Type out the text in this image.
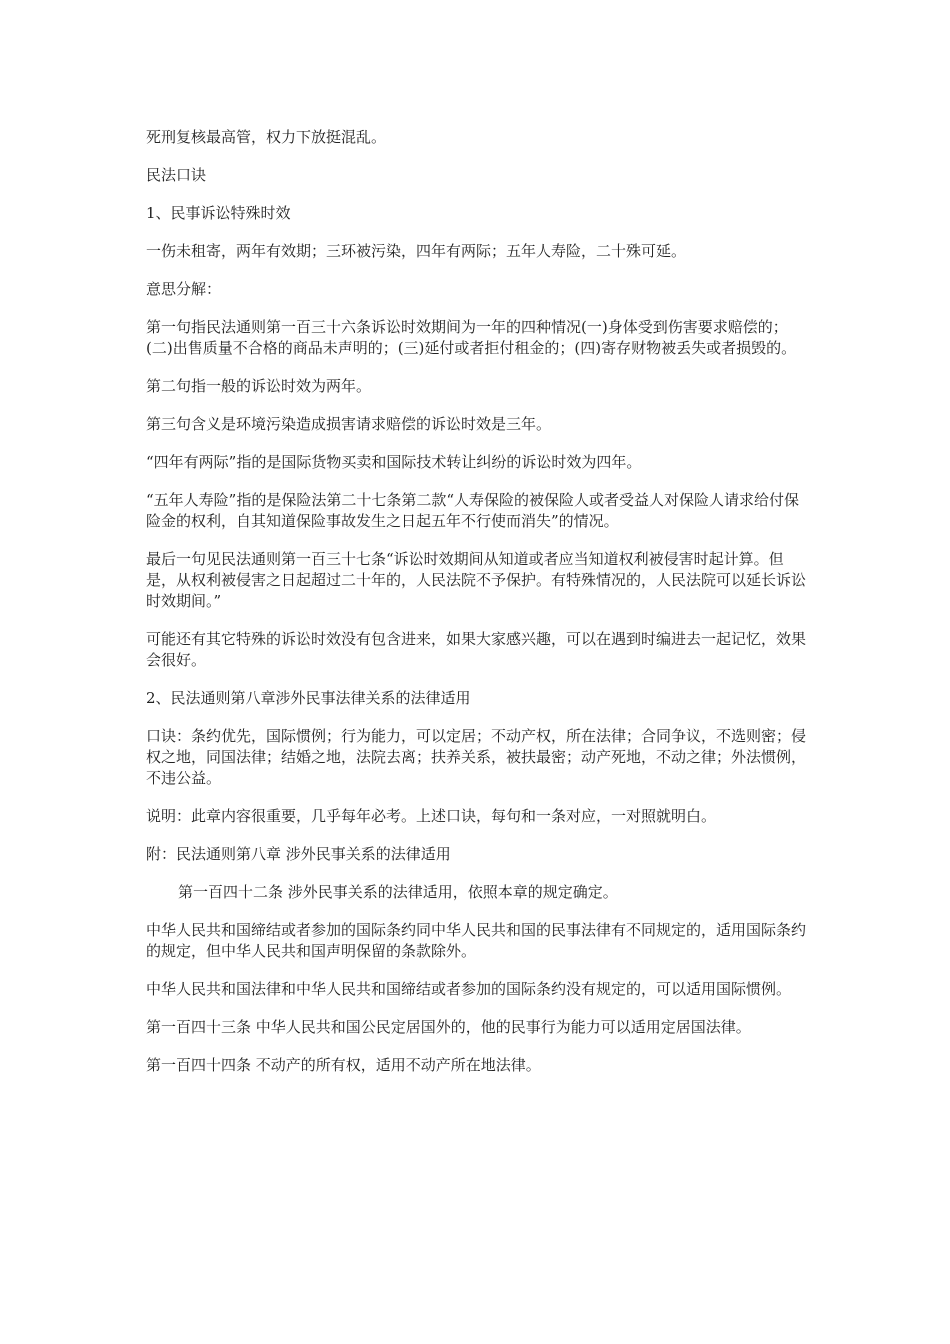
死刑复核最高管，权力下放挺混乱。

民法口诀

1、民事诉讼特殊时效

一伤未租寄，两年有效期；三环被污染，四年有两际；五年人寿险，二十殊可延。

意思分解：

第一句指民法通则第一百三十六条诉讼时效期间为一年的四种情况(一)身体受到伤害要求赔偿的；(二)出售质量不合格的商品未声明的；(三)延付或者拒付租金的；(四)寄存财物被丢失或者损毁的。

第二句指一般的诉讼时效为两年。

第三句含义是环境污染造成损害请求赔偿的诉讼时效是三年。

“四年有两际”指的是国际货物买卖和国际技术转让纠纷的诉讼时效为四年。

“五年人寿险”指的是保险法第二十七条第二款“人寿保险的被保险人或者受益人对保险人请求给付保险金的权利，自其知道保险事故发生之日起五年不行使而消失”的情况。

最后一句见民法通则第一百三十七条“诉讼时效期间从知道或者应当知道权利被侵害时起计算。但是，从权利被侵害之日起超过二十年的，人民法院不予保护。有特殊情况的，人民法院可以延长诉讼时效期间。”

可能还有其它特殊的诉讼时效没有包含进来，如果大家感兴趣，可以在遇到时编进去一起记忆，效果会很好。

2、民法通则第八章涉外民事法律关系的法律适用

口诀：条约优先，国际惯例；行为能力，可以定居；不动产权，所在法律；合同争议，不选则密；侵权之地，同国法律；结婚之地，法院去离；扶养关系，被扶最密；动产死地，不动之律；外法惯例，不违公益。

说明：此章内容很重要，几乎每年必考。上述口诀，每句和一条对应，一对照就明白。

附：民法通则第八章 涉外民事关系的法律适用

第一百四十二条 涉外民事关系的法律适用，依照本章的规定确定。

中华人民共和国缔结或者参加的国际条约同中华人民共和国的民事法律有不同规定的，适用国际条约的规定，但中华人民共和国声明保留的条款除外。

中华人民共和国法律和中华人民共和国缔结或者参加的国际条约没有规定的，可以适用国际惯例。

第一百四十三条 中华人民共和国公民定居国外的，他的民事行为能力可以适用定居国法律。

第一百四十四条 不动产的所有权，适用不动产所在地法律。
